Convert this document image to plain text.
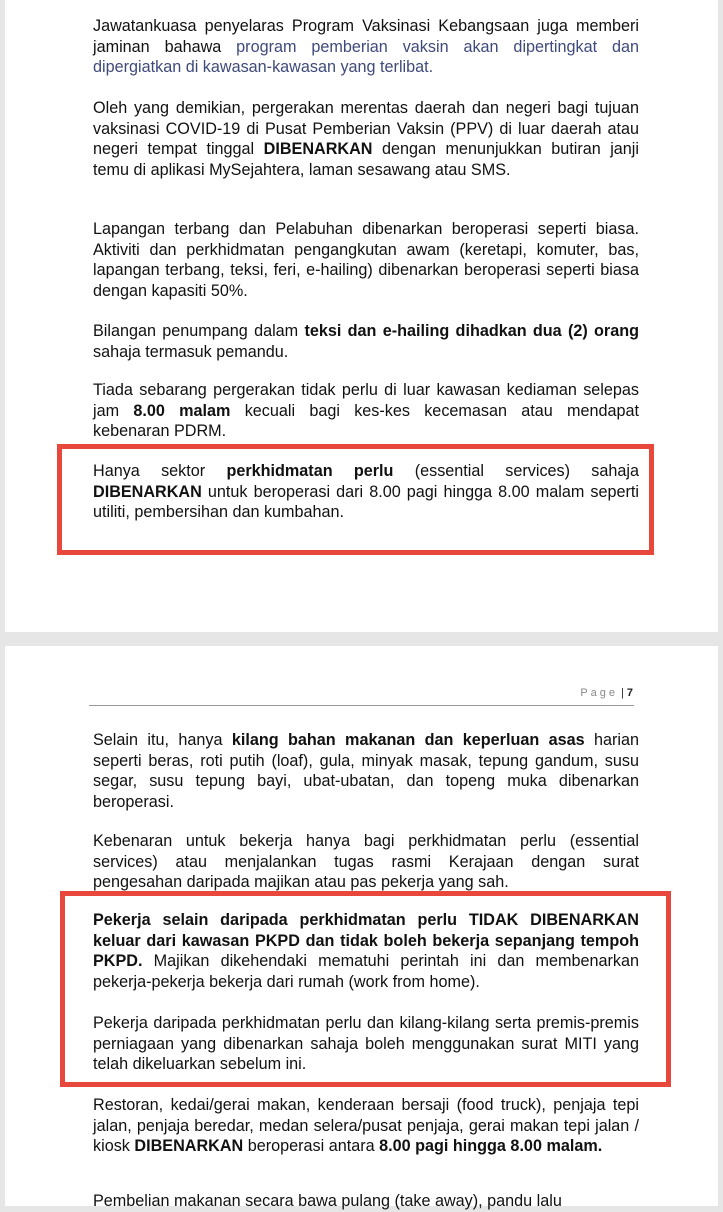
Jawatankuasa penyelaras Program Vaksinasi Kebangsaan juga memberi jaminan bahawa program pemberian vaksin akan dipertingkat dan dipergiatkan di kawasan-kawasan yang terlibat.

Oleh yang demikian, pergerakan merentas daerah dan negeri bagi tujuan vaksinasi COVID-19 di Pusat Pemberian Vaksin (PPV) di luar daerah atau negeri tempat tinggal DIBENARKAN dengan menunjukkan butiran janji temu di aplikasi MySejahtera, laman sesawang atau SMS.

Lapangan terbang dan Pelabuhan dibenarkan beroperasi seperti biasa. Aktiviti dan perkhidmatan pengangkutan awam (keretapi, komuter, bas, lapangan terbang, teksi, feri, e-hailing) dibenarkan beroperasi seperti biasa dengan kapasiti 50%.

Bilangan penumpang dalam teksi dan e-hailing dihadkan dua (2) orang sahaja termasuk pemandu.

Tiada sebarang pergerakan tidak perlu di luar kawasan kediaman selepas jam 8.00 malam kecuali bagi kes-kes kecemasan atau mendapat kebenaran PDRM.

Hanya sektor perkhidmatan perlu (essential services) sahaja DIBENARKAN untuk beroperasi dari 8.00 pagi hingga 8.00 malam seperti utiliti, pembersihan dan kumbahan.

Page | 7

Selain itu, hanya kilang bahan makanan dan keperluan asas harian seperti beras, roti putih (loaf), gula, minyak masak, tepung gandum, susu segar, susu tepung bayi, ubat-ubatan, dan topeng muka dibenarkan beroperasi.

Kebenaran untuk bekerja hanya bagi perkhidmatan perlu (essential services) atau menjalankan tugas rasmi Kerajaan dengan surat pengesahan daripada majikan atau pas pekerja yang sah.

Pekerja selain daripada perkhidmatan perlu TIDAK DIBENARKAN keluar dari kawasan PKPD dan tidak boleh bekerja sepanjang tempoh PKPD. Majikan dikehendaki mematuhi perintah ini dan membenarkan pekerja-pekerja bekerja dari rumah (work from home).

Pekerja daripada perkhidmatan perlu dan kilang-kilang serta premis-premis perniagaan yang dibenarkan sahaja boleh menggunakan surat MITI yang telah dikeluarkan sebelum ini.

Restoran, kedai/gerai makan, kenderaan bersaji (food truck), penjaja tepi jalan, penjaja beredar, medan selera/pusat penjaja, gerai makan tepi jalan / kiosk DIBENARKAN beroperasi antara 8.00 pagi hingga 8.00 malam.

Pembelian makanan secara bawa pulang (take away), pandu lalu
